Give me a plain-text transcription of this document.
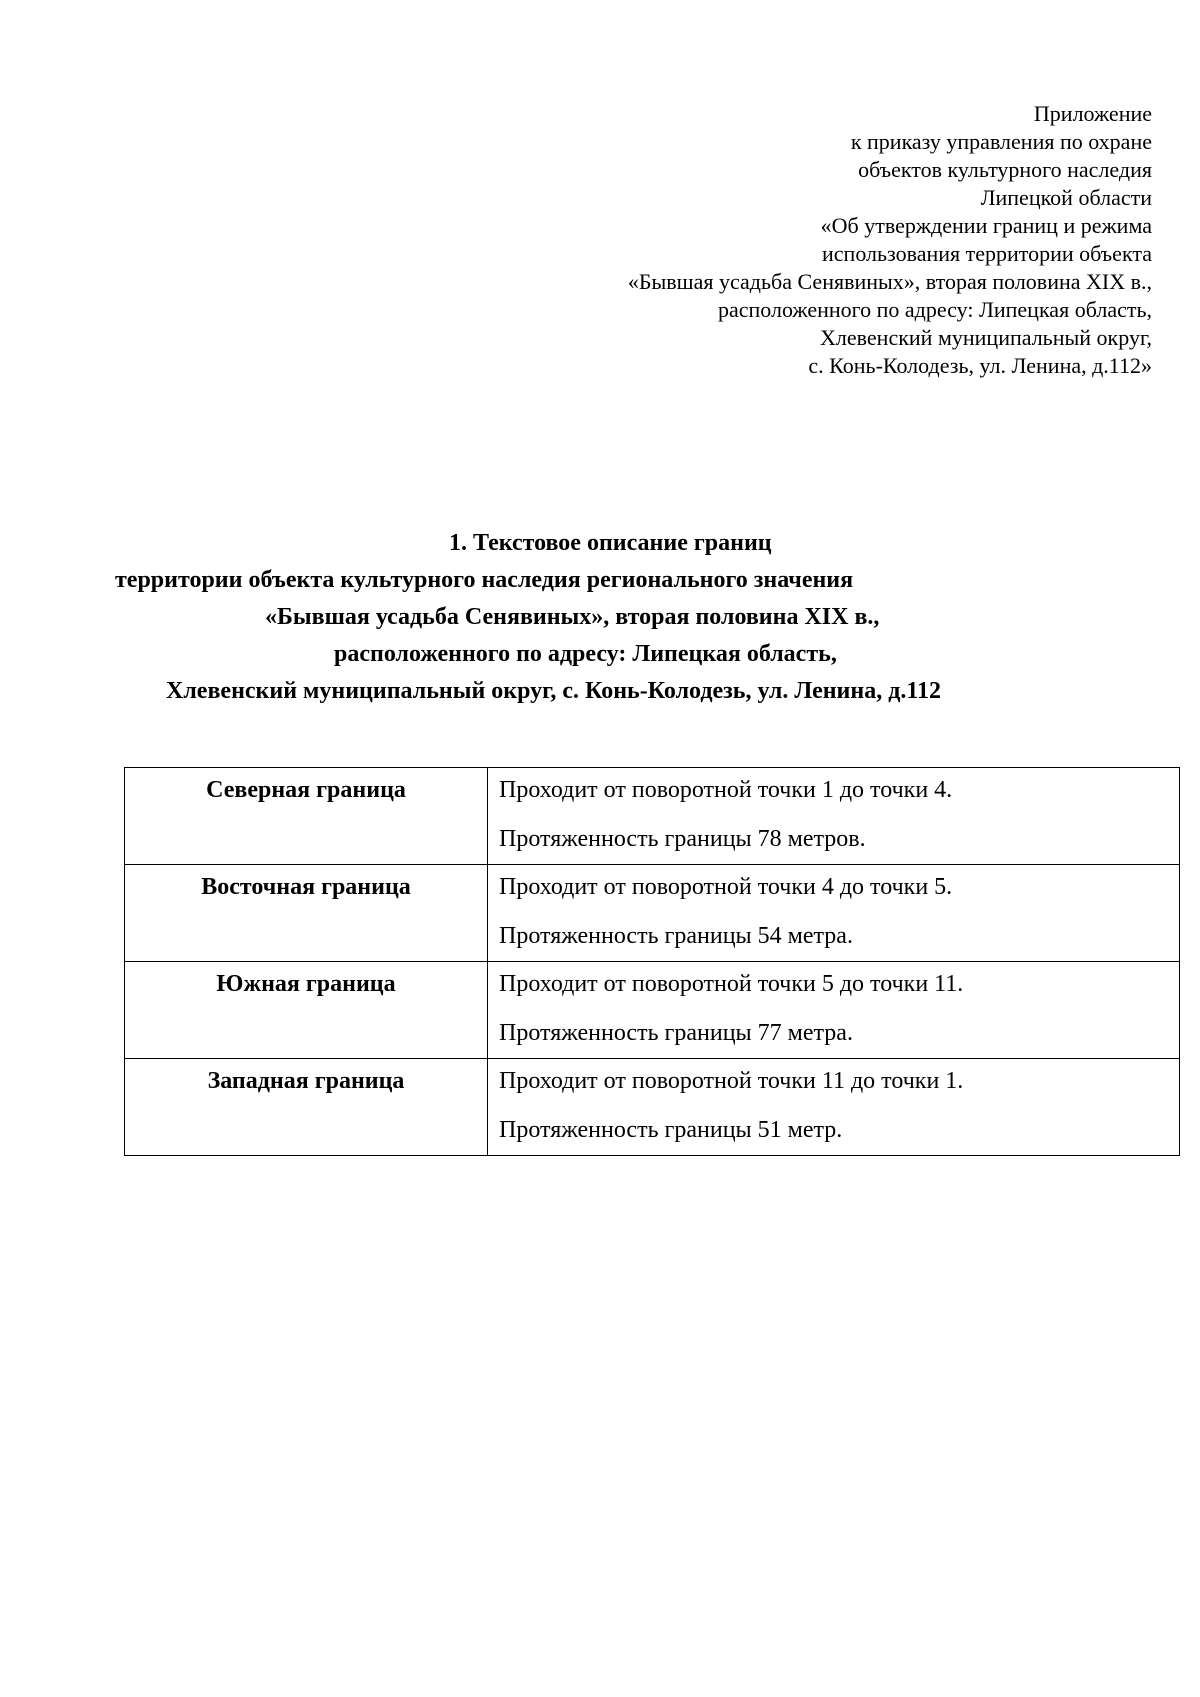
Приложение
к приказу управления по охране
объектов культурного наследия
Липецкой области
«Об утверждении границ и режима
использования территории объекта
«Бывшая усадьба Сенявиных», вторая половина XIX в.,
расположенного по адресу: Липецкая область,
Хлевенский муниципальный округ,
с. Конь-Колодезь, ул. Ленина, д.112»
1. Текстовое описание границ
территории объекта культурного наследия регионального значения
«Бывшая усадьба Сенявиных», вторая половина XIX в.,
расположенного по адресу: Липецкая область,
Хлевенский муниципальный округ, с. Конь-Колодезь, ул. Ленина, д.112
Северная граница	Проходит от поворотной точки 1 до точки 4.
Протяженность границы 78 метров.

Восточная граница	Проходит от поворотной точки 4 до точки 5.
Протяженность границы 54 метра.

Южная граница	Проходит от поворотной точки 5 до точки 11.
Протяженность границы 77 метра.

Западная граница	Проходит от поворотной точки 11 до точки 1.
Протяженность границы 51 метр.
